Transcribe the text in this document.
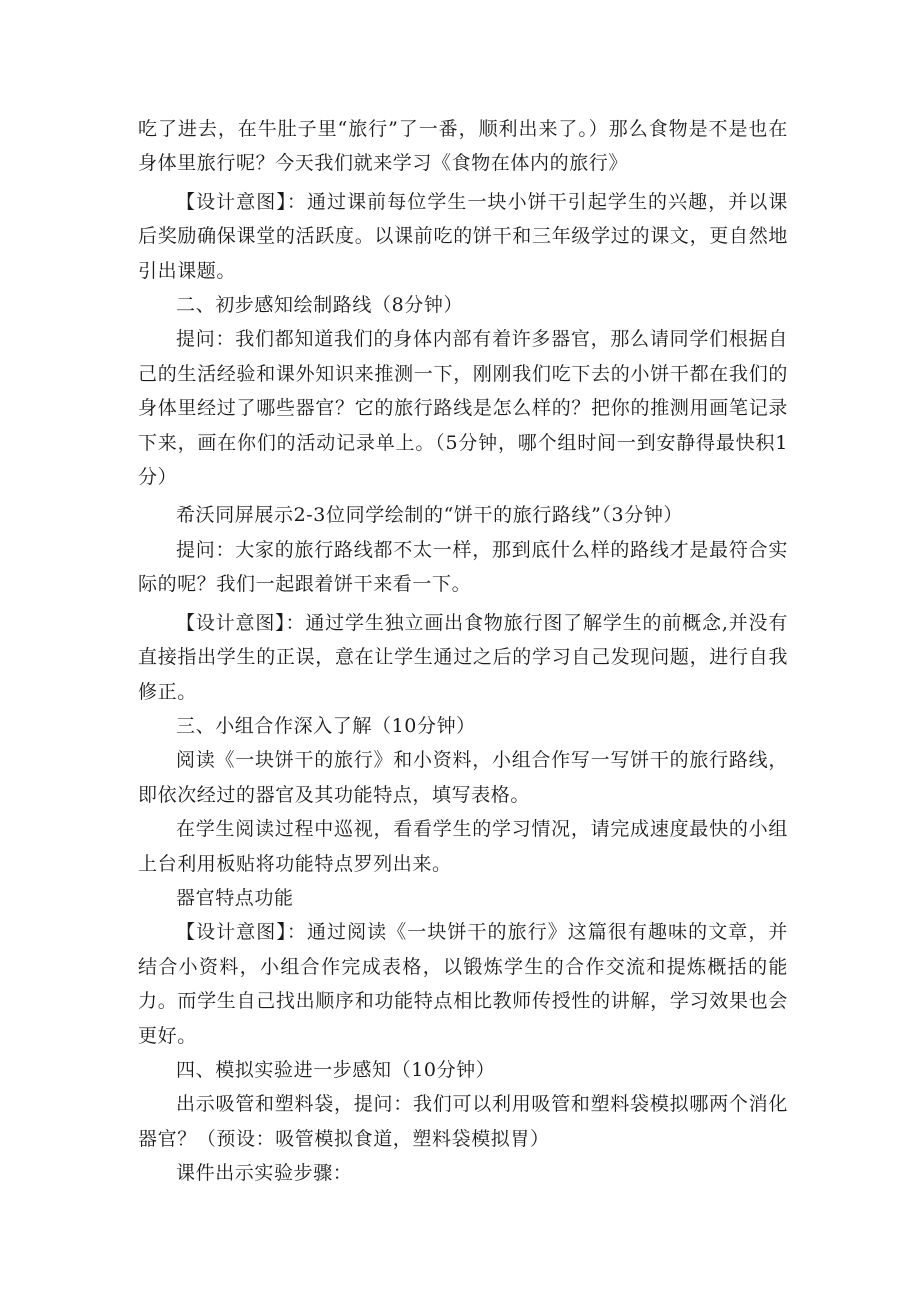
吃了进去，在牛肚子里“旅行”了一番，顺利出来了。）那么食物是不是也在身体里旅行呢？今天我们就来学习《食物在体内的旅行》

【设计意图】：通过课前每位学生一块小饼干引起学生的兴趣，并以课后奖励确保课堂的活跃度。以课前吃的饼干和三年级学过的课文，更自然地引出课题。

二、初步感知绘制路线（8分钟）

提问：我们都知道我们的身体内部有着许多器官，那么请同学们根据自己的生活经验和课外知识来推测一下，刚刚我们吃下去的小饼干都在我们的身体里经过了哪些器官？它的旅行路线是怎么样的？把你的推测用画笔记录下来，画在你们的活动记录单上。（5分钟，哪个组时间一到安静得最快积1分）

希沃同屏展示2-3位同学绘制的“饼干的旅行路线”（3分钟）

提问：大家的旅行路线都不太一样，那到底什么样的路线才是最符合实际的呢？我们一起跟着饼干来看一下。

【设计意图】：通过学生独立画出食物旅行图了解学生的前概念,并没有直接指出学生的正误，意在让学生通过之后的学习自己发现问题，进行自我修正。

三、小组合作深入了解（10分钟）

阅读《一块饼干的旅行》和小资料，小组合作写一写饼干的旅行路线，即依次经过的器官及其功能特点，填写表格。

在学生阅读过程中巡视，看看学生的学习情况，请完成速度最快的小组上台利用板贴将功能特点罗列出来。

器官特点功能

【设计意图】：通过阅读《一块饼干的旅行》这篇很有趣味的文章，并结合小资料，小组合作完成表格，以锻炼学生的合作交流和提炼概括的能力。而学生自己找出顺序和功能特点相比教师传授性的讲解，学习效果也会更好。

四、模拟实验进一步感知（10分钟）

出示吸管和塑料袋，提问：我们可以利用吸管和塑料袋模拟哪两个消化器官？（预设：吸管模拟食道，塑料袋模拟胃）

课件出示实验步骤：
